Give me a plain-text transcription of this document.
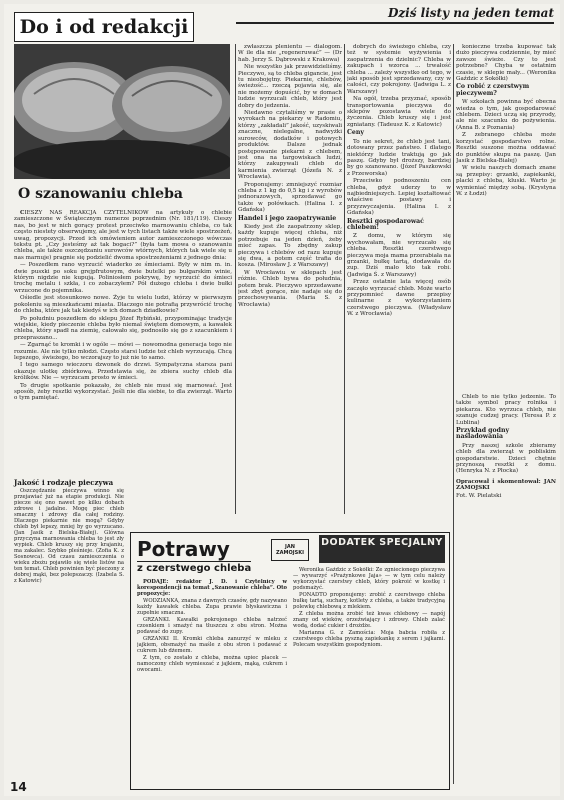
Do i od redakcji
Dziś listy na jeden temat
O szanowaniu chleba

CIESZY NAS REAKCJA CZYTELNIKÓW na artykuły o chlebie zamieszczone w Świątecznym numerze poprzednim (Nr. 181/119). Cieszy nas, bo jest w nich gorący protest przeciwko marnowaniu chleba, co tak często niestety obserwujemy, ale jest w tych listach także wiele spostrzeżeń, uwag, propozycji. Przed ich omówieniem autor zamieszczonego wówczas tekstu pt. „Czy jesteśmy aż tak bogaci?” (była tam mowa o szanowaniu chleba, ale także oszczędzaniu surowców wtórnych, których tak wiele się u nas marnuje) pragnie się podzielić dwoma spostrzeżeniami z jednego dnia:

— Poszedłem rano wyrzucić wiaderko ze śmieciami. Były w nim m. in. dwie pusxki po soku grejpfrutowym, dwie butelki po bułgarskim winie, którym nigdzie nie kupują. Poliniosłem pokrywę, by wyrzucić do śmieci trochę metalu i szkła, i co zobaczyłem? Pół dużego chleba i dwie bułki wrzucone do pojemnika.

Ośiedle jest stosunkowo nowe. Żyje tu wielu ludzi, którzy w pierwszym pokoleniu są mieszkańcami miasta. Dlaczego nie potrafią przywrócić trochę do chleba, które jak tak kiedyś w ich domach dziadkowie?

Po południu poszedłem do sklepu Jözef Rybiński, przypominając tradycje wiejskie, kiedy pieczenie chleba było niemal świętem domowym, a kawałek chleba, który spadł na ziemię, całowało się, podnosiło się go z szacunkiem i przepraszano...

— Zgarnąć te kromki i w ogóle — mówi — nowomodna generacja tego nie rozumie. Ale nie tylko młodzi. Często starsi ludzie też chleb wyrzucają. Chcą lepszego, świeżego, bo wczorajszy to już nie to samo.

I tego samego wieczoru dzwonek do drzwi. Sympatyczna starsza pani okazuje ulotkę zbiórkową. Przedstawia się, że zbiera suchy chleb dla królików. Nie — wyrzucam prosto w śmieci.

To drugie spotkanie pokazało, że chleb nie musi się marnować. Jest sposób, żeby resztki wykorzystać. Jeśli nie dla siebie, to dla zwierząt. Warto o tym pamiętać.

zwłaszcza plenientu — dialogom. W ile dla nie „regeneruwać” — (Dr hab. Jerzy S. Dąbrowski z Krakowa)

Nie wszystko jak przewidzieliśmy. Pieczywo, są to chleba gigancie, jest tu nieobojętny. Piekarnie, chlebów, świeżość... rzeczą pojawia się, ale nie możemy dopuścić, by w domach ludzie wyrzucali chleb, który jest dobry do jedzenia.

Niedawno czytaliśmy w prasie o wyrokach na piekarzy w Radomiu, którzy „zakładali” jakość, uzyskiwali znaczne, nielegalne, nadwyżki surowców, dodatków i gotowych produktów. Dalsze jednak postępowanie piekarni z chlebem, jest ona na targowiskach ludzi, którzy zakupywali chleb do karmienia zwierząt (Józefa N. z Wrocławia).

Proponujemy: zmniejszyć rozmiar chleba z 1 kg do 0,5 kg i z wyrobów jednorazowych, sprzedawać go także w połówkach. (Halina I. z Gdańska)

Handel i jego zaopatrywanie

Kiedy jest źle zaopatrzony sklep, każdy kupuje więcej chleba, niż potrzebuje na jeden dzień, żeby mieć zapas. To zbędny zakup pieczywa i chlebów od razu kupuje się dwa, a potem część trafia do kosza. (Mirosław J. z Warszawy)

W Wrocławiu w sklepach jest różnie. Chleb bywa do południa, potem brak. Pieczywo sprzedawane jest zbyt gorące, nie nadaje się do przechowywania. (Maria S. z Wrocławia)

dobrych do świeżego chleba, czy też w systemie wyżywienia i zaopatrzenia do dzielnic? Chleba w zakupach i wzorca ... trwałość chleba ... zależy wszystko od tego, w jaki sposób jest sprzedawany, czy w całości, czy pokrojony. (Jadwiga L. z Warszawy)

Na ogół, trzeba przyznać, sposób transportowania pieczywa do sklepów pozostawia wiele do życzenia. Chleb kruszy się i jest zgniatany. (Tadeusz K. z Katowic)

Ceny

To nie sekret, że chleb jest tani, dotowany przez państwo. I dlatego niektórzy ludzie traktują go jak paszę. Gdyby był droższy, bardziej by go szanowano. (Józef Paszkowski z Przeworska)

Przeciwko podnoszeniu cen chleba, gdyż uderzy to w najbiedniejszych. Lepiej kształtować właściwe postawy i przyzwyczajenia. (Halina I. z Gdańska)

Resztki gospodarować chlebem!

Z domu, w którym się wychowałam, nie wyrzucało się chleba. Resztki czerstwego pieczywa moja mama przerabiała na grzanki, bułkę tartą, dodawała do zup. Dziś mało kto tak robi. (Jadwiga Ś. z Warszawy)

Przez ostatnie lata więcej osób zaczęło wyrzucać chleb. Może warto przypomnieć dawne przepisy kulinarne z wykorzystaniem czerstwego pieczywa. (Władysław W. z Wrocławia)

konieczne trzeba kupować tak dużo pieczywa codziennie, by mieć zawsze świeże. Czy to jest potrzebne? Chyba w ostatnim czasie, w sklepie mały... (Weronika Gaździc z Sokółki)

Co robić z czerstwym pieczywem?

W szkołach powinna być obecna wiedza o tym, jak gospodarować chlebem. Dzieci uczą się przyrody, ale nie szacunku do pożywienia. (Anna B. z Poznania)

Z zebranego chleba może korzystać gospodarstwo rolne. Resztki suszone można oddawać do punktów skupu na paszę. (Jan Jasik z Bielska-Białej)

W wielu naszych domach znane są przepisy: grzanki, zapiekanki, placki z chleba, kluski. Warto je wymieniać między sobą. (Krystyna W. z Łodzi)

Chleb to nie tylko jedzenie. To także symbol pracy rolnika i piekarza. Kto wyrzuca chleb, nie szanuje cudzej pracy. (Teresa P. z Lublina)

Przykład godny naśladowania

Przy naszej szkole zbieramy chleb dla zwierząt w pobliskim gospodarstwie. Dzieci chętnie przynoszą resztki z domu. (Henryka N. z Płocka)

Opracował i skomentował: JAN ZAMOJSKI

Fot. W. Pielatski

Jakość i rodzaje pieczywa

Oszczędzanie pieczywa winno się przejawiać już na etapie produkcji. Nie piecze się ono nawet po kilku dobach zdrowe i jadalne. Mogę piec chleb smaczny i zdrowy dla całej rodziny. Dlaczego piekarnie nie mogą? Gdyby chleb był lepszy, mniej by go wyrzucano. (Jan Jasik z Bielska-Białej). Glówna przyczyna marnowania chleba to jest zły wypiek. Chleb kruszy się przy krajaniu, ma zakalec. Szybko pleśnieje. (Zofia K. z Sosnowca). Od czasu zamieszczenia o wieku zbożu pojawiło się wiele listów na ten temat. Chleb powinien być pieczony z dobrej mąki, bez polepszaczy. (Izabela S. z Katowic)

Potrawy
z czerstwego chleba
JAN ZAMOJSKI
DODATEK SPECJALNY

PODAJE: redaktor J. D. i Czytelnicy w korespondencji na temat „Szanowanie chleba”. Oto propozycje:

WODZIANKA, znana z dawnych czasów, gdy nazywano każdy kawałek chleba. Zupa prawie błyskawiczna i zupełnie smaczna.

GRZANKI. Kawałki pokrojonego chleba natrzeć czosnkiem i smażyć na tłuszczu z obu stron. Można podawać do zupy.

GRZANKI II. Kromki chleba zanurzyć w mleku z jajkiem, obsmażyć na maśle z obu stron i podawać z cukrem lub dżemem.

Z tym, co zostało z chleba, można upiec placek — namoczony chleb wymieszać z jajkiem, mąką, cukrem i owocami.

Weronika Gaździc z Sokółki: Ze zgniecionego pieczywa — wywarzyć «Prażynkowe Jaja» — w tym celu należy wykorzystać czerstwy chleb, który pokroić w kostkę i podsmażyć.

PONADTO proponujemy: zrobić z czerstwego chleba bułkę tartą, suchary, kotlety z chleba, a także tradycyjną polewkę chlebową z mlekiem.

Z chleba można zrobić też kwas chlebowy — napój znany od wieków, orzeźwiający i zdrowy. Chleb zalać wodą, dodać cukier i drożdże.

Marianna G. z Zamościa: Moja babcia robiła z czerstwego chleba pyszną zapiekankę z serem i jajkami. Polecam wszystkim gospodyniom.

14
